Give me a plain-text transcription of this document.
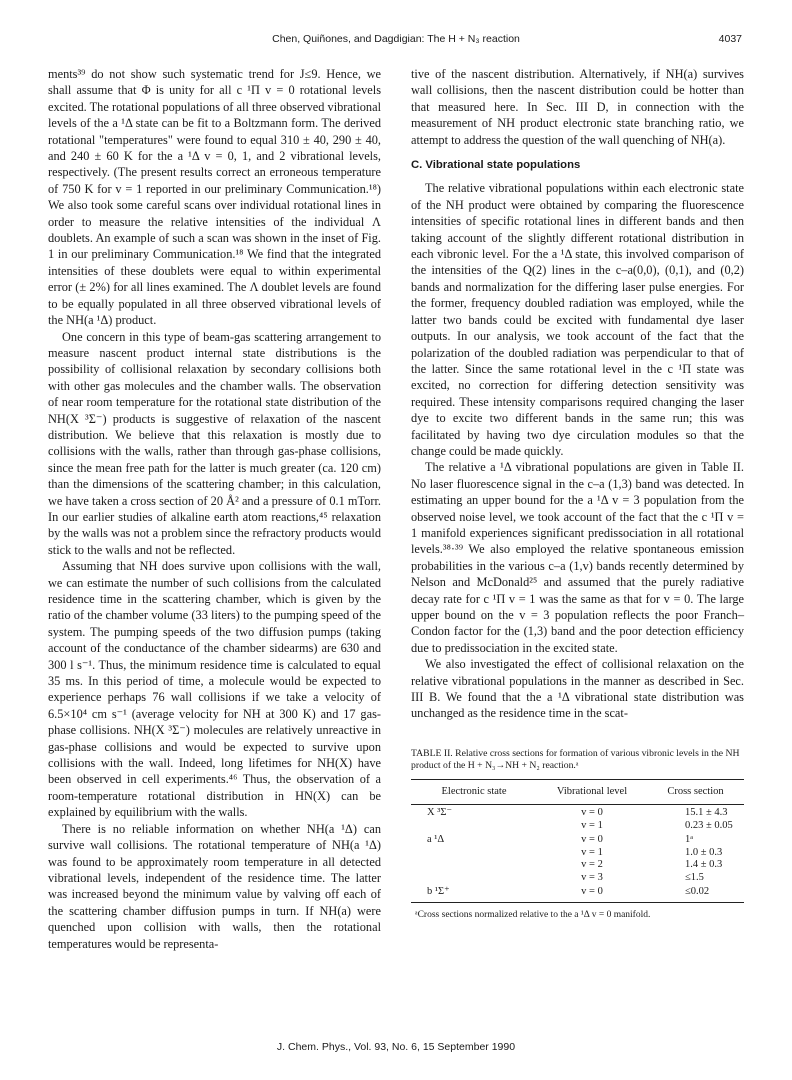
Chen, Quiñones, and Dagdigian: The H + N₃ reaction	4037

ments³⁹ do not show such systematic trend for J≤9. Hence, we shall assume that Φ is unity for all c ¹Π v = 0 rotational levels excited. The rotational populations of all three observed vibrational levels of the a ¹Δ state can be fit to a Boltzmann form. The derived rotational "temperatures" were found to equal 310 ± 40, 290 ± 40, and 240 ± 60 K for the a ¹Δ v = 0, 1, and 2 vibrational levels, respectively. (The present results correct an erroneous temperature of 750 K for v = 1 reported in our preliminary Communication.¹⁸) We also took some careful scans over individual rotational lines in order to measure the relative intensities of the individual Λ doublets. An example of such a scan was shown in the inset of Fig. 1 in our preliminary Communication.¹⁸ We find that the integrated intensities of these doublets were equal to within experimental error (± 2%) for all lines examined. The Λ doublet levels are found to be equally populated in all three observed vibrational levels of the NH(a ¹Δ) product.

One concern in this type of beam-gas scattering arrangement to measure nascent product internal state distributions is the possibility of collisional relaxation by secondary collisions both with other gas molecules and the chamber walls. The observation of near room temperature for the rotational state distribution of the NH(X ³Σ⁻) products is suggestive of relaxation of the nascent distribution. We believe that this relaxation is mostly due to collisions with the walls, rather than through gas-phase collisions, since the mean free path for the latter is much greater (ca. 120 cm) than the dimensions of the scattering chamber; in this calculation, we have taken a cross section of 20 Å² and a pressure of 0.1 mTorr. In our earlier studies of alkaline earth atom reactions,⁴⁵ relaxation by the walls was not a problem since the refractory products would stick to the walls and not be reflected.

Assuming that NH does survive upon collisions with the wall, we can estimate the number of such collisions from the calculated residence time in the scattering chamber, which is given by the ratio of the chamber volume (33 liters) to the pumping speed of the system. The pumping speeds of the two diffusion pumps (taking account of the conductance of the chamber sidearms) are 630 and 300 l s⁻¹. Thus, the minimum residence time is calculated to equal 35 ms. In this period of time, a molecule would be expected to experience perhaps 76 wall collisions if we take a velocity of 6.5×10⁴ cm s⁻¹ (average velocity for NH at 300 K) and 17 gas-phase collisions. NH(X ³Σ⁻) molecules are relatively unreactive in gas-phase collisions and would be expected to survive upon collisions with the wall. Indeed, long lifetimes for NH(X) have been observed in cell experiments.⁴⁶ Thus, the observation of a room-temperature rotational distribution in HN(X) can be explained by equilibrium with the walls.

There is no reliable information on whether NH(a ¹Δ) can survive wall collisions. The rotational temperature of NH(a ¹Δ) was found to be approximately room temperature in all detected vibrational levels, independent of the residence time. The latter was increased beyond the minimum value by valving off each of the scattering chamber diffusion pumps in turn. If NH(a) were quenched upon collision with walls, then the rotational temperatures would be representa-

tive of the nascent distribution. Alternatively, if NH(a) survives wall collisions, then the nascent distribution could be hotter than that measured here. In Sec. III D, in connection with the measurement of NH product electronic state branching ratio, we attempt to address the question of the wall quenching of NH(a).

C. Vibrational state populations

The relative vibrational populations within each electronic state of the NH product were obtained by comparing the fluorescence intensities of specific rotational lines in different bands and then taking account of the slightly different rotational distribution in each vibronic level. For the a ¹Δ state, this involved comparison of the intensities of the Q(2) lines in the c–a(0,0), (0,1), and (0,2) bands and normalization for the differing laser pulse energies. For the former, frequency doubled radiation was employed, while the latter two bands could be excited with fundamental dye laser outputs. In our analysis, we took account of the fact that the polarization of the doubled radiation was perpendicular to that of the latter. Since the same rotational level in the c ¹Π state was excited, no correction for differing detection sensitivity was required. These intensity comparisons required changing the laser dye to excite two different bands in the same run; this was facilitated by having two dye circulation modules so that the change could be made quickly.

The relative a ¹Δ vibrational populations are given in Table II. No laser fluorescence signal in the c–a (1,3) band was detected. In estimating an upper bound for the a ¹Δ v = 3 population from the observed noise level, we took account of the fact that the c ¹Π v = 1 manifold experiences significant predissociation in all rotational levels.³⁸·³⁹ We also employed the relative spontaneous emission probabilities in the various c–a (1,v) bands recently determined by Nelson and McDonald²⁵ and assumed that the purely radiative decay rate for c ¹Π v = 1 was the same as that for v = 0. The large upper bound on the v = 3 population reflects the poor Franch–Condon factor for the (1,3) band and the poor detection efficiency due to predissociation in the excited state.

We also investigated the effect of collisional relaxation on the relative vibrational populations in the manner as described in Sec. III B. We found that the a ¹Δ vibrational state distribution was unchanged as the residence time in the scat-

TABLE II. Relative cross sections for formation of various vibronic levels in the NH product of the H + N₃→NH + N₂ reaction.ᵃ
Electronic state	Vibrational level	Cross section
X ³Σ⁻	v = 0	15.1 ± 4.3
	v = 1	0.23 ± 0.05
a ¹Δ	v = 0	1ᵃ
	v = 1	1.0 ± 0.3
	v = 2	1.4 ± 0.3
	v = 3	≤1.5
b ¹Σ⁺	v = 0	≤0.02
ᵃCross sections normalized relative to the a ¹Δ v = 0 manifold.
J. Chem. Phys., Vol. 93, No. 6, 15 September 1990
